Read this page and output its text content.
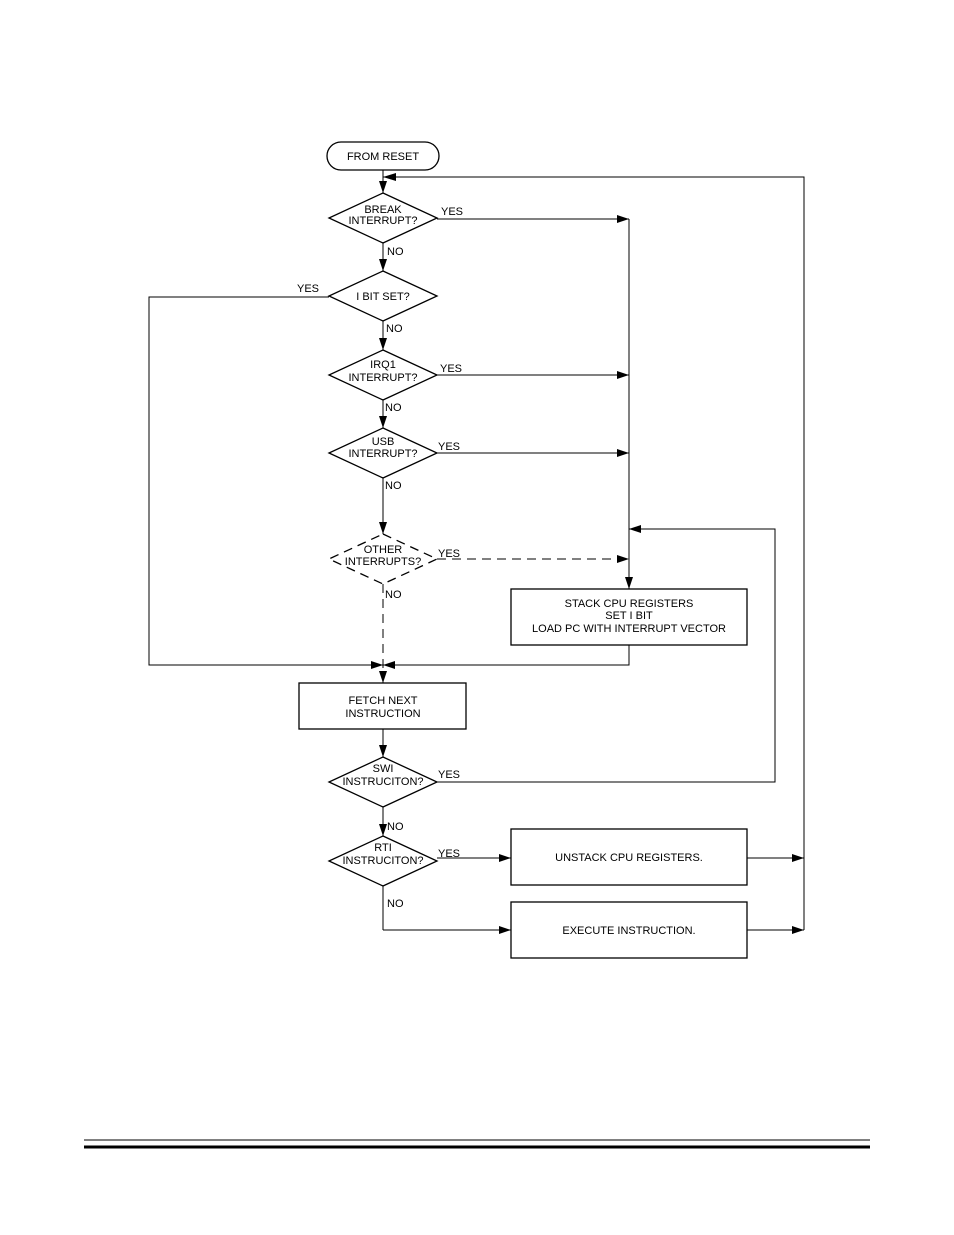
FROM RESET
BREAK
INTERRUPT?
I BIT SET?
IRQ1
INTERRUPT?
USB
INTERRUPT?
OTHER
INTERRUPTS?
SWI
INSTRUCITON?
RTI
INSTRUCITON?
STACK CPU REGISTERS
SET I BIT
LOAD PC WITH INTERRUPT VECTOR
FETCH NEXT
INSTRUCTION
UNSTACK CPU REGISTERS.
EXECUTE INSTRUCTION.
YES
NO
YES
NO
YES
NO
YES
NO
YES
NO
YES
NO
YES
NO
